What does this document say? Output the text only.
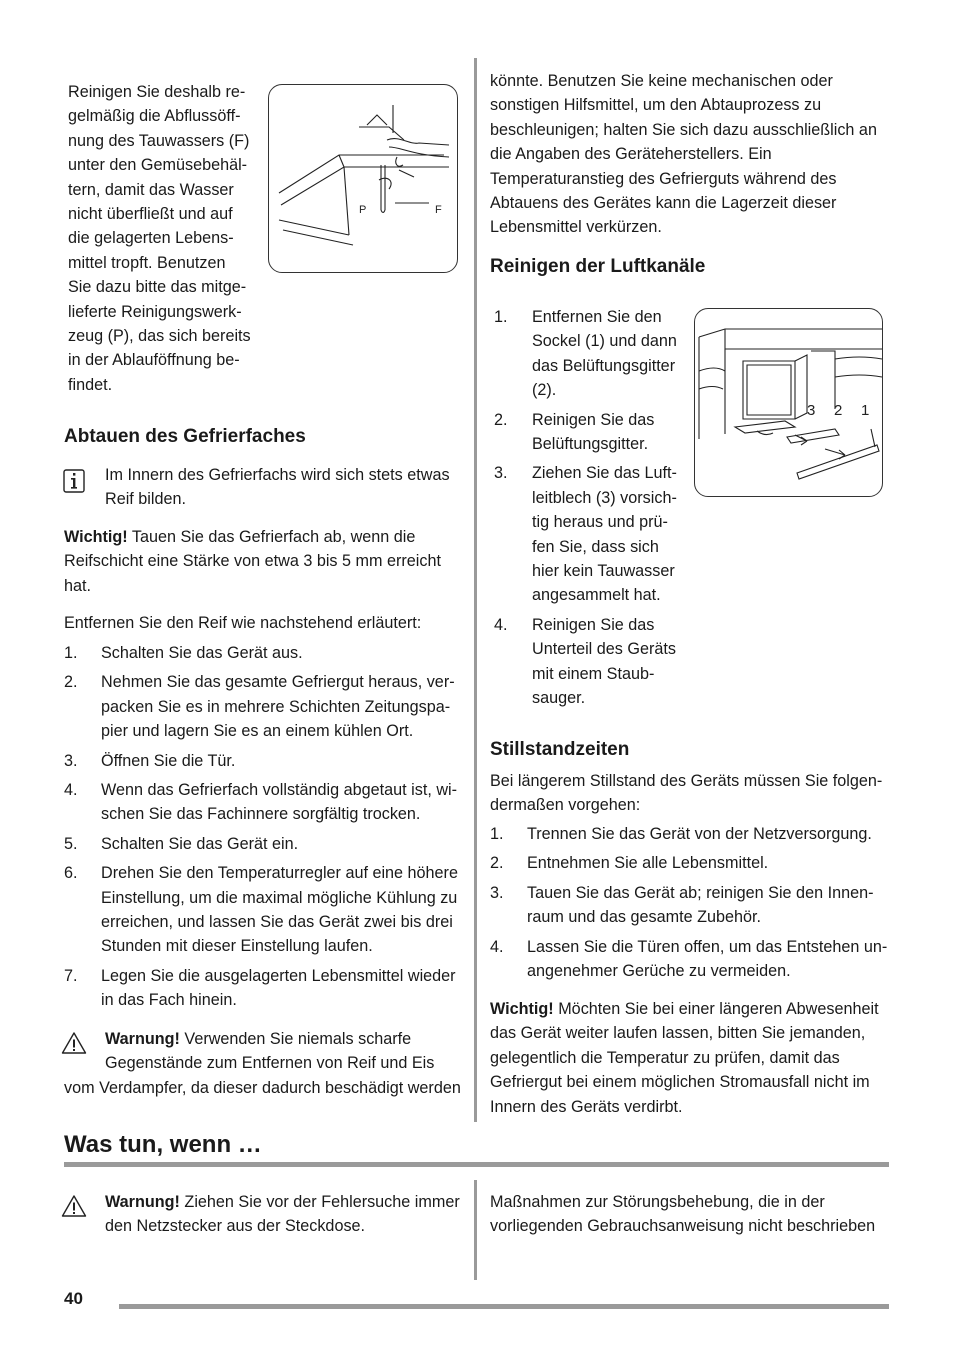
Reinigen Sie deshalb re-

gelmäßig die Abflussöff-

nung des Tauwassers (F)

unter den Gemüsebehäl-

tern, damit das Wasser

nicht überfließt und auf

die gelagerten Lebens-

mittel tropft. Benutzen

Sie dazu bitte das mitge-

lieferte Reinigungswerk-

zeug (P), das sich bereits

in der Ablauföffnung be-

findet.

P	F
Abtauen des Gefrierfaches

Im Innern des Gefrierfachs wird sich stets etwas

Reif bilden.

Wichtig! Tauen Sie das Gefrierfach ab, wenn die

Reifschicht eine Stärke von etwa 3 bis 5 mm erreicht

hat.

Entfernen Sie den Reif wie nachstehend erläutert:

1. Schalten Sie das Gerät aus.
2. Nehmen Sie das gesamte Gefriergut heraus, ver-
packen Sie es in mehrere Schichten Zeitungspa-
pier und lagern Sie es an einem kühlen Ort.
3. Öffnen Sie die Tür.
4. Wenn das Gefrierfach vollständig abgetaut ist, wi-
schen Sie das Fachinnere sorgfältig trocken.
5. Schalten Sie das Gerät ein.
6. Drehen Sie den Temperaturregler auf eine höhere
Einstellung, um die maximal mögliche Kühlung zu
erreichen, und lassen Sie das Gerät zwei bis drei
Stunden mit dieser Einstellung laufen.
7. Legen Sie die ausgelagerten Lebensmittel wieder
in das Fach hinein.

Warnung! Verwenden Sie niemals scharfe

Gegenstände zum Entfernen von Reif und Eis

vom Verdampfer, da dieser dadurch beschädigt werden

könnte. Benutzen Sie keine mechanischen oder

sonstigen Hilfsmittel, um den Abtauprozess zu

beschleunigen; halten Sie sich dazu ausschließlich an

die Angaben des Geräteherstellers. Ein

Temperaturanstieg des Gefrierguts während des

Abtauens des Gerätes kann die Lagerzeit dieser

Lebensmittel verkürzen.

Reinigen der Luftkanäle
1. Entfernen Sie den
Sockel (1) und dann
das Belüftungsgitter
(2).
2. Reinigen Sie das
Belüftungsgitter.
3. Ziehen Sie das Luft-
leitblech (3) vorsich-
tig heraus und prü-
fen Sie, dass sich
hier kein Tauwasser
angesammelt hat.
4. Reinigen Sie das
Unterteil des Geräts
mit einem Staub-
sauger.
3 2 1
Stillstandzeiten

Bei längerem Stillstand des Geräts müssen Sie folgen-

dermaßen vorgehen:

1. Trennen Sie das Gerät von der Netzversorgung.
2. Entnehmen Sie alle Lebensmittel.
3. Tauen Sie das Gerät ab; reinigen Sie den Innen-
raum und das gesamte Zubehör.
4. Lassen Sie die Türen offen, um das Entstehen un-
angenehmer Gerüche zu vermeiden.

Wichtig! Möchten Sie bei einer längeren Abwesenheit

das Gerät weiter laufen lassen, bitten Sie jemanden,

gelegentlich die Temperatur zu prüfen, damit das

Gefriergut bei einem möglichen Stromausfall nicht im

Innern des Geräts verdirbt.

Was tun, wenn …

Warnung! Ziehen Sie vor der Fehlersuche immer

den Netzstecker aus der Steckdose.

Maßnahmen zur Störungsbehebung, die in der

vorliegenden Gebrauchsanweisung nicht beschrieben

40
